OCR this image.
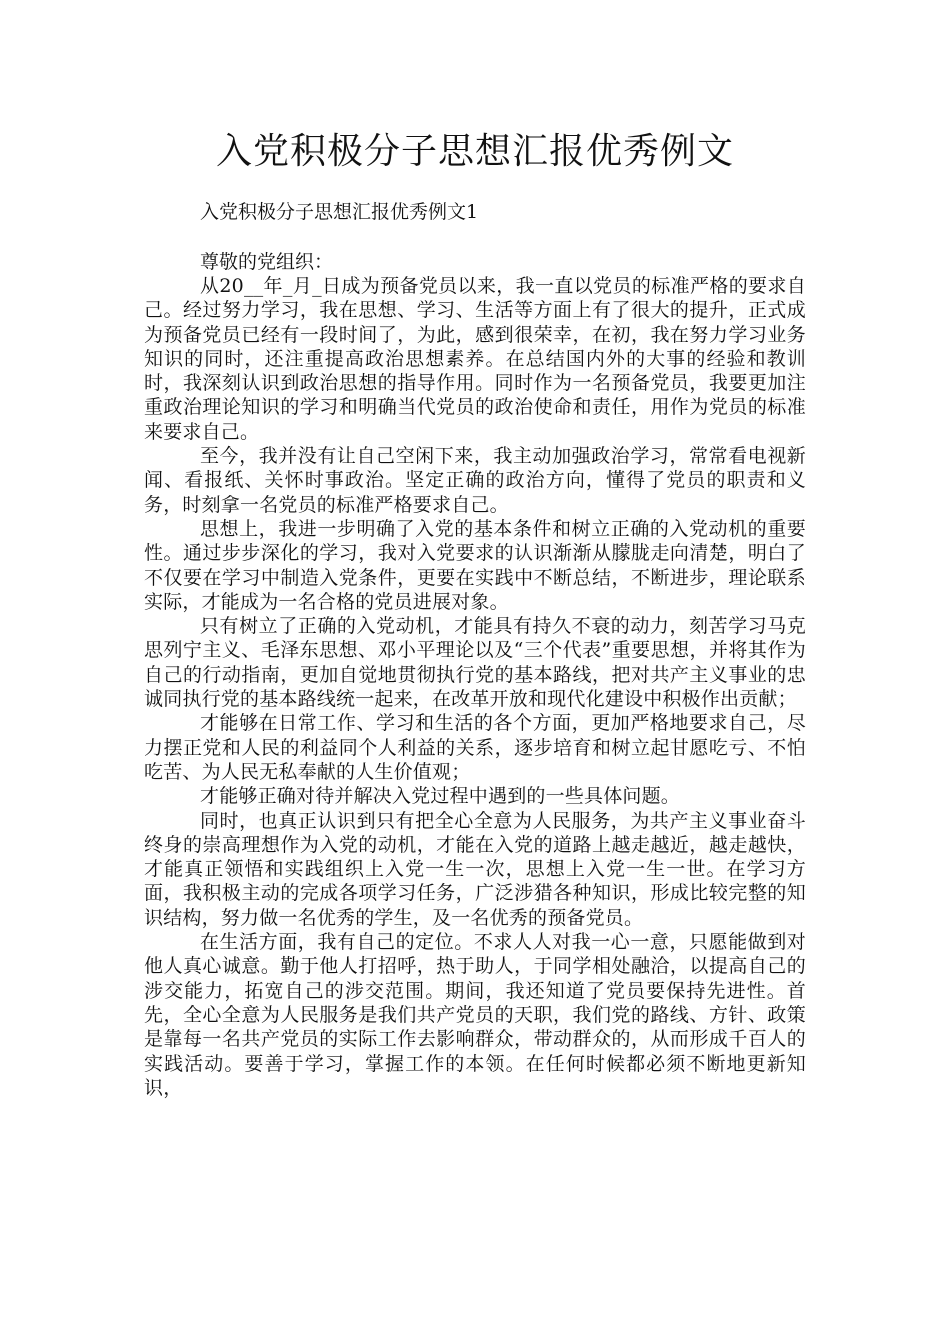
入党积极分子思想汇报优秀例文

入党积极分子思想汇报优秀例文1

尊敬的党组织：

从20__年_月_日成为预备党员以来，我一直以党员的标准严格的要求自己。经过努力学习，我在思想、学习、生活等方面上有了很大的提升，正式成为预备党员已经有一段时间了，为此，感到很荣幸，在初，我在努力学习业务知识的同时，还注重提高政治思想素养。在总结国内外的大事的经验和教训时，我深刻认识到政治思想的指导作用。同时作为一名预备党员，我要更加注重政治理论知识的学习和明确当代党员的政治使命和责任，用作为党员的标准来要求自己。

至今，我并没有让自己空闲下来，我主动加强政治学习，常常看电视新闻、看报纸、关怀时事政治。坚定正确的政治方向，懂得了党员的职责和义务，时刻拿一名党员的标准严格要求自己。

思想上，我进一步明确了入党的基本条件和树立正确的入党动机的重要性。通过步步深化的学习，我对入党要求的认识渐渐从朦胧走向清楚，明白了不仅要在学习中制造入党条件，更要在实践中不断总结，不断进步，理论联系实际，才能成为一名合格的党员进展对象。

只有树立了正确的入党动机，才能具有持久不衰的动力，刻苦学习马克思列宁主义、毛泽东思想、邓小平理论以及“三个代表”重要思想，并将其作为自己的行动指南，更加自觉地贯彻执行党的基本路线，把对共产主义事业的忠诚同执行党的基本路线统一起来，在改革开放和现代化建设中积极作出贡献；

才能够在日常工作、学习和生活的各个方面，更加严格地要求自己，尽力摆正党和人民的利益同个人利益的关系，逐步培育和树立起甘愿吃亏、不怕吃苦、为人民无私奉献的人生价值观；

才能够正确对待并解决入党过程中遇到的一些具体问题。

同时，也真正认识到只有把全心全意为人民服务，为共产主义事业奋斗终身的崇高理想作为入党的动机，才能在入党的道路上越走越近，越走越快，才能真正领悟和实践组织上入党一生一次，思想上入党一生一世。在学习方面，我积极主动的完成各项学习任务，广泛涉猎各种知识，形成比较完整的知识结构，努力做一名优秀的学生，及一名优秀的预备党员。

在生活方面，我有自己的定位。不求人人对我一心一意，只愿能做到对他人真心诚意。勤于他人打招呼，热于助人，于同学相处融洽，以提高自己的涉交能力，拓宽自己的涉交范围。期间，我还知道了党员要保持先进性。首先，全心全意为人民服务是我们共产党员的天职，我们党的路线、方针、政策是靠每一名共产党员的实际工作去影响群众，带动群众的，从而形成千百人的实践活动。要善于学习，掌握工作的本领。在任何时候都必须不断地更新知识，
